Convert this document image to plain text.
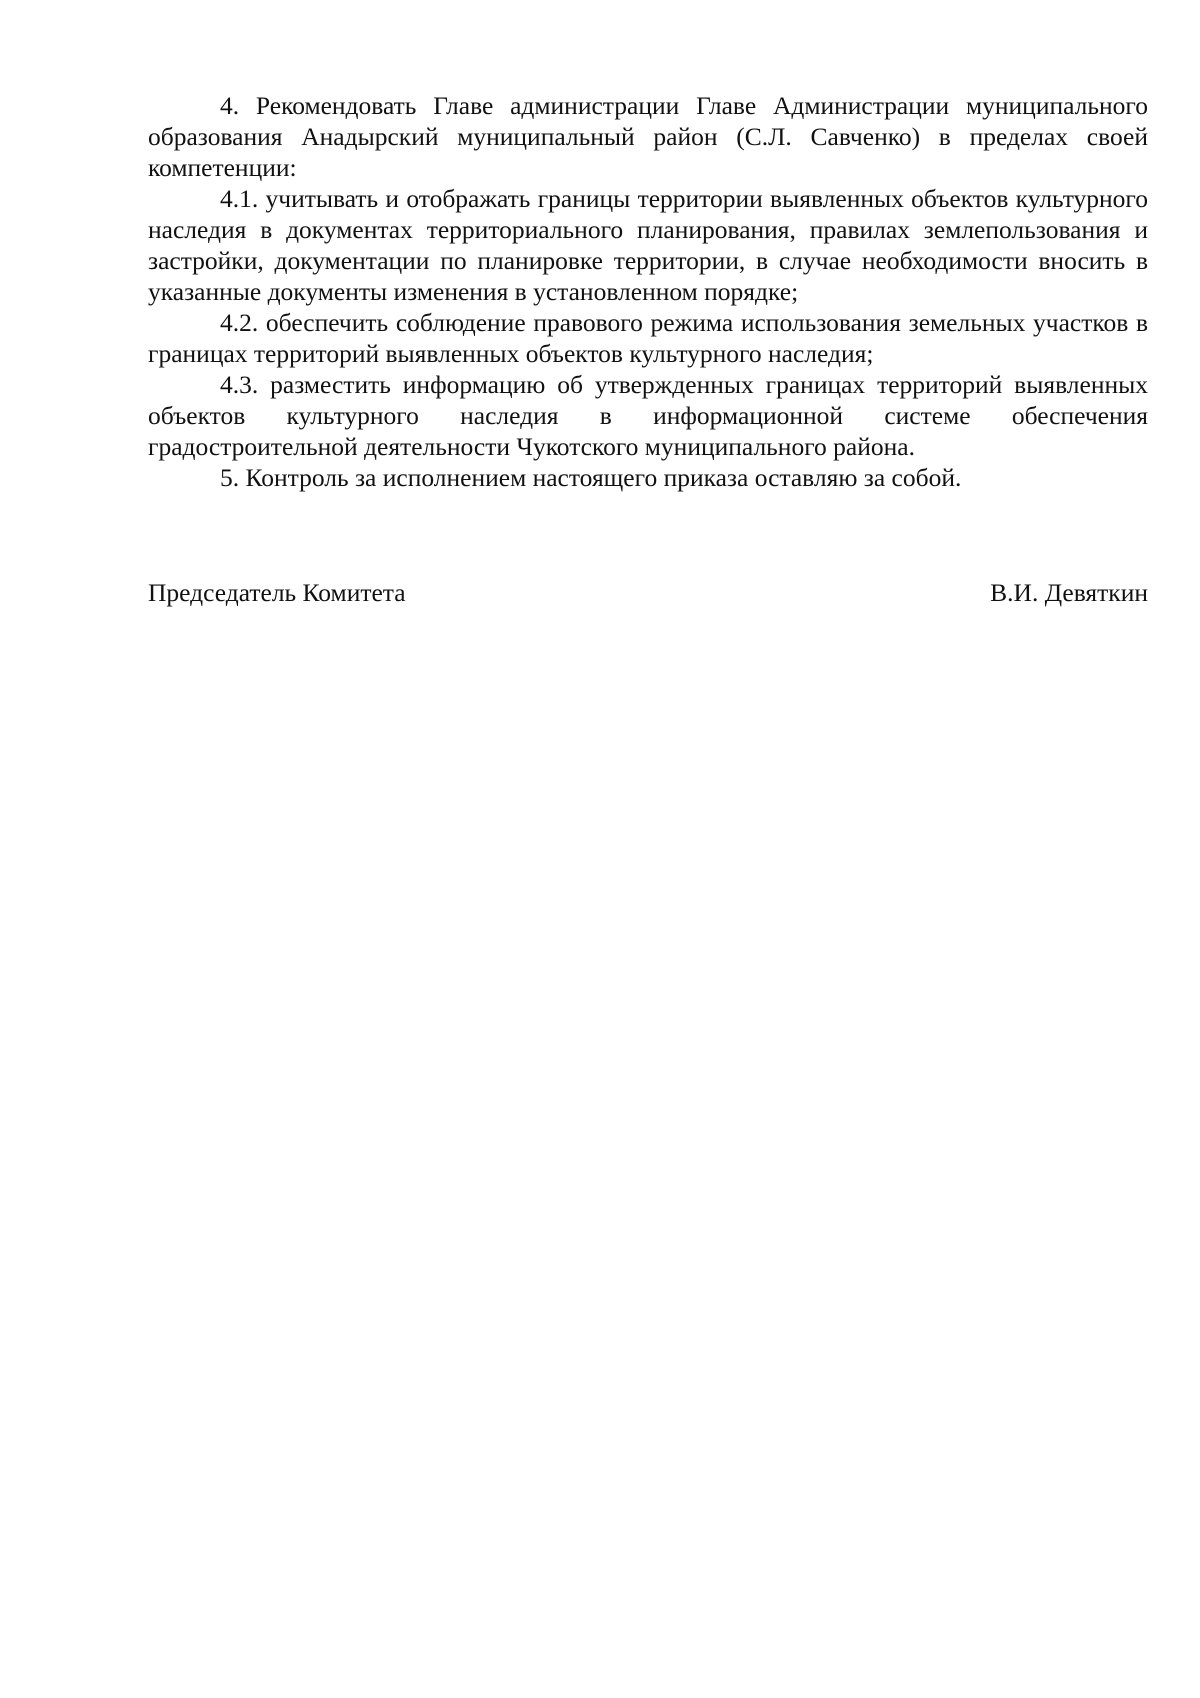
4. Рекомендовать Главе администрации Главе Администрации муниципального образования Анадырский муниципальный район (С.Л. Савченко) в пределах своей компетенции:

4.1. учитывать и отображать границы территории выявленных объектов культурного наследия в документах территориального планирования, правилах землепользования и застройки, документации по планировке территории, в случае необходимости вносить в указанные документы изменения в установленном порядке;

4.2. обеспечить соблюдение правового режима использования земельных участков в границах территорий выявленных объектов культурного наследия;

4.3. разместить информацию об утвержденных границах территорий выявленных объектов культурного наследия в информационной системе обеспечения градостроительной деятельности Чукотского муниципального района.

5. Контроль за исполнением настоящего приказа оставляю за собой.

Председатель Комитета	В.И. Девяткин
